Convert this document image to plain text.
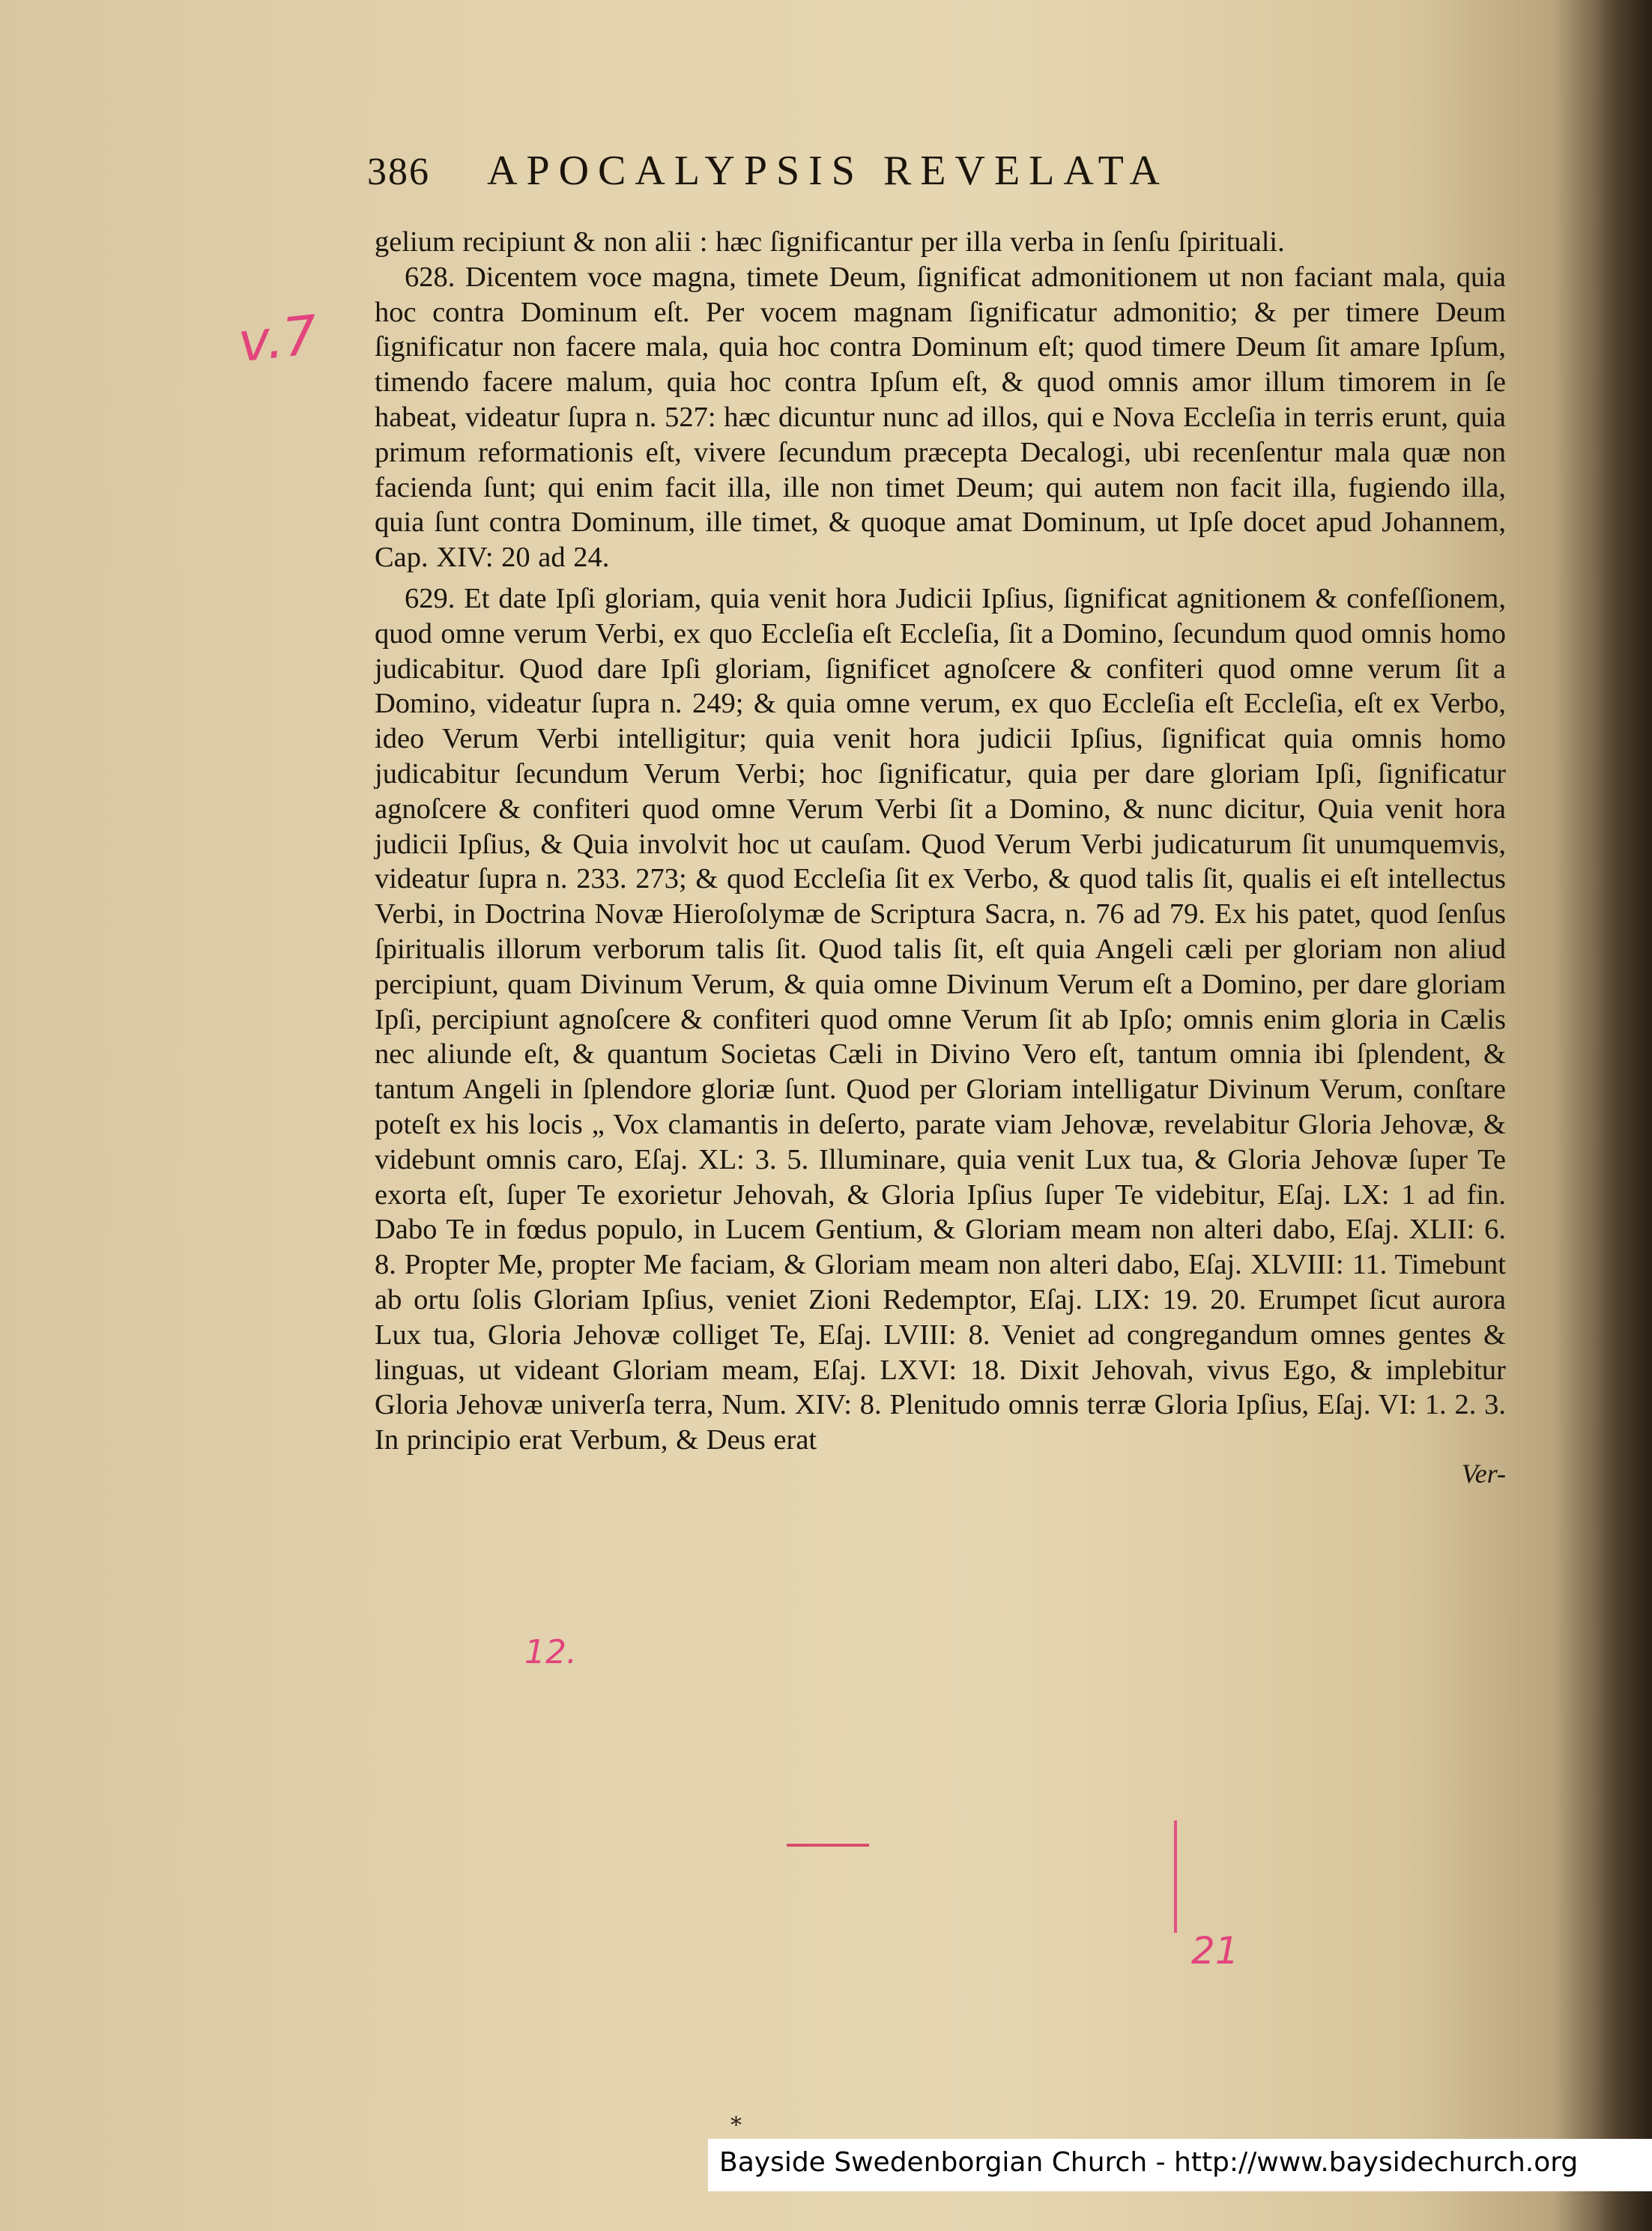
v.7
12.
21
386 APOCALYPSIS REVELATA

gelium recipiunt & non alii : hæc ſignificantur per illa verba in ſenſu ſpirituali.

628. Dicentem voce magna, timete Deum, ſignificat admonitionem ut non faciant mala, quia hoc contra Dominum eſt. Per vocem magnam ſignificatur admonitio; & per timere Deum ſignificatur non facere mala, quia hoc contra Dominum eſt; quod timere Deum ſit amare Ipſum, timendo facere malum, quia hoc contra Ipſum eſt, & quod omnis amor illum timorem in ſe habeat, videatur ſupra n. 527: hæc dicuntur nunc ad illos, qui e Nova Eccleſia in terris erunt, quia primum reformationis eſt, vivere ſecundum præcepta Decalogi, ubi recenſentur mala quæ non facienda ſunt; qui enim facit illa, ille non timet Deum; qui autem non facit illa, fugiendo illa, quia ſunt contra Dominum, ille timet, & quoque amat Dominum, ut Ipſe docet apud Johannem, Cap. XIV: 20 ad 24.

629. Et date Ipſi gloriam, quia venit hora Judicii Ipſius, ſignificat agnitionem & confeſſionem, quod omne verum Verbi, ex quo Eccleſia eſt Eccleſia, ſit a Domino, ſecundum quod omnis homo judicabitur. Quod dare Ipſi gloriam, ſignificet agnoſcere & confiteri quod omne verum ſit a Domino, videatur ſupra n. 249; & quia omne verum, ex quo Eccleſia eſt Eccleſia, eſt ex Verbo, ideo Verum Verbi intelligitur; quia venit hora judicii Ipſius, ſignificat quia omnis homo judicabitur ſecundum Verum Verbi; hoc ſignificatur, quia per dare gloriam Ipſi, ſignificatur agnoſcere & confiteri quod omne Verum Verbi ſit a Domino, & nunc dicitur, Quia venit hora judicii Ipſius, & Quia involvit hoc ut cauſam. Quod Verum Verbi judicaturum ſit unumquemvis, videatur ſupra n. 233. 273; & quod Eccleſia ſit ex Verbo, & quod talis ſit, qualis ei eſt intellectus Verbi, in Doctrina Novæ Hieroſolymæ de Scriptura Sacra, n. 76 ad 79. Ex his patet, quod ſenſus ſpiritualis illorum verborum talis ſit. Quod talis ſit, eſt quia Angeli cæli per gloriam non aliud percipiunt, quam Divinum Verum, & quia omne Divinum Verum eſt a Domino, per dare gloriam Ipſi, percipiunt agnoſcere & confiteri quod omne Verum ſit ab Ipſo; omnis enim gloria in Cælis nec aliunde eſt, & quantum Societas Cæli in Divino Vero eſt, tantum omnia ibi ſplendent, & tantum Angeli in ſplendore gloriæ ſunt. Quod per Gloriam intelligatur Divinum Verum, conſtare poteſt ex his locis „ Vox clamantis in deſerto, parate viam Jehovæ, revelabitur Gloria Jehovæ, & videbunt omnis caro, Eſaj. XL: 3. 5. Illuminare, quia venit Lux tua, & Gloria Jehovæ ſuper Te exorta eſt, ſuper Te exorietur Jehovah, & Gloria Ipſius ſuper Te videbitur, Eſaj. LX: 1 ad fin. Dabo Te in fœdus populo, in Lucem Gentium, & Gloriam meam non alteri dabo, Eſaj. XLII: 6. 8. Propter Me, propter Me faciam, & Gloriam meam non alteri dabo, Eſaj. XLVIII: 11. Timebunt ab ortu ſolis Gloriam Ipſius, veniet Zioni Redemptor, Eſaj. LIX: 19. 20. Erumpet ſicut aurora Lux tua, Gloria Jehovæ colliget Te, Eſaj. LVIII: 8. Veniet ad congregandum omnes gentes & linguas, ut videant Gloriam meam, Eſaj. LXVI: 18. Dixit Jehovah, vivus Ego, & implebitur Gloria Jehovæ univerſa terra, Num. XIV: 8. Plenitudo omnis terræ Gloria Ipſius, Eſaj. VI: 1. 2. 3. In principio erat Verbum, & Deus erat

Ver-
⁎
Bayside Swedenborgian Church - http://www.baysidechurch.org
